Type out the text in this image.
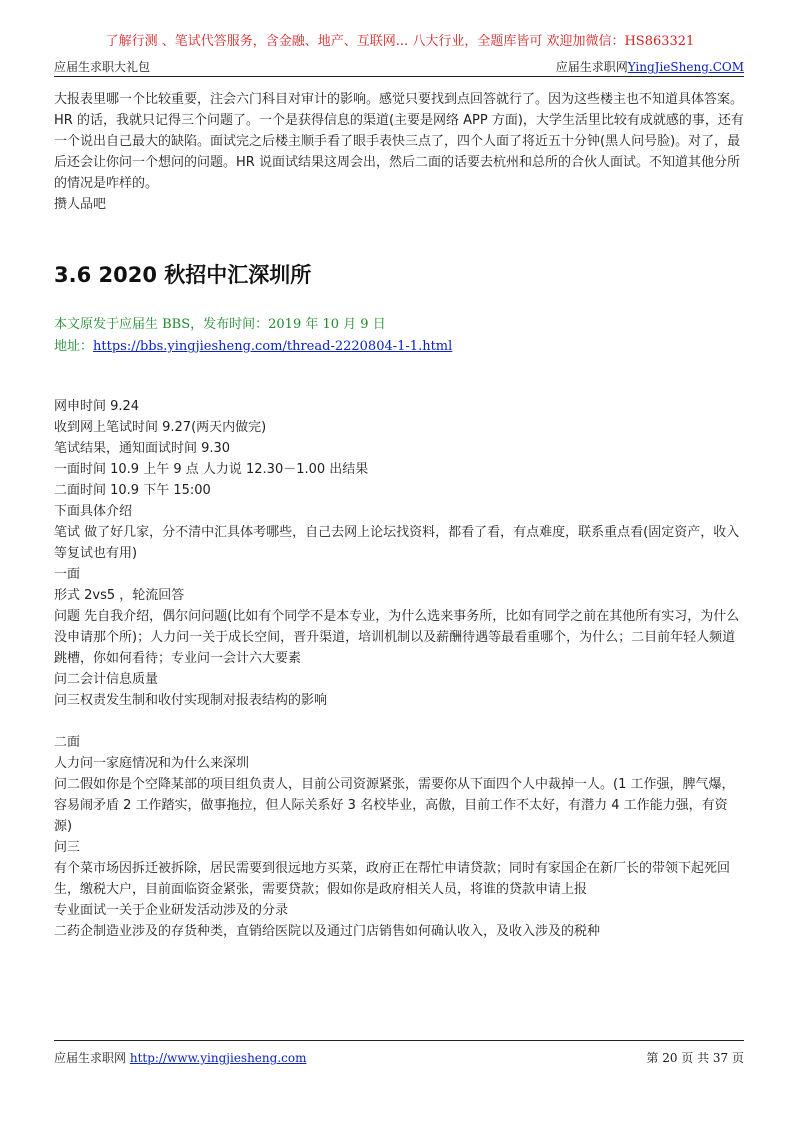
了解行测 、笔试代答服务，含金融、地产、互联网... 八大行业，全题库皆可 欢迎加微信：HS863321
应届生求职大礼包	应届生求职网YingJieSheng.COM

大报表里哪一个比较重要，注会六门科目对审计的影响。感觉只要找到点回答就行了。因为这些楼主也不知道具体答案。HR 的话，我就只记得三个问题了。一个是获得信息的渠道(主要是网络 APP 方面)，大学生活里比较有成就感的事，还有一个说出自己最大的缺陷。面试完之后楼主顺手看了眼手表快三点了，四个人面了将近五十分钟(黑人问号脸)。对了，最后还会让你问一个想问的问题。HR 说面试结果这周会出，然后二面的话要去杭州和总所的合伙人面试。不知道其他分所的情况是咋样的。

攒人品吧

3.6 2020 秋招中汇深圳所

本文原发于应届生 BBS，发布时间：2019 年 10 月 9 日

地址：https://bbs.yingjiesheng.com/thread-2220804-1-1.html

网申时间 9.24

收到网上笔试时间 9.27(两天内做完)

笔试结果，通知面试时间 9.30

一面时间 10.9 上午 9 点 人力说 12.30－1.00 出结果

二面时间 10.9 下午 15:00

下面具体介绍

笔试 做了好几家，分不清中汇具体考哪些，自己去网上论坛找资料，都看了看，有点难度，联系重点看(固定资产，收入等复试也有用)

一面

形式 2vs5 ，轮流回答

问题 先自我介绍，偶尔问问题(比如有个同学不是本专业，为什么选来事务所，比如有同学之前在其他所有实习，为什么没申请那个所)；人力问一关于成长空间，晋升渠道，培训机制以及薪酬待遇等最看重哪个，为什么；二目前年轻人频道跳槽，你如何看待；专业问一会计六大要素

问二会计信息质量

问三权责发生制和收付实现制对报表结构的影响

二面

人力问一家庭情况和为什么来深圳

问二假如你是个空降某部的项目组负责人，目前公司资源紧张，需要你从下面四个人中裁掉一人。(1 工作强，脾气爆，容易闹矛盾 2 工作踏实，做事拖拉，但人际关系好 3 名校毕业，高傲，目前工作不太好，有潜力 4 工作能力强，有资源)

问三

有个菜市场因拆迁被拆除，居民需要到很远地方买菜，政府正在帮忙申请贷款；同时有家国企在新厂长的带领下起死回生，缴税大户，目前面临资金紧张，需要贷款；假如你是政府相关人员，将谁的贷款申请上报

专业面试一关于企业研发活动涉及的分录

二药企制造业涉及的存货种类，直销给医院以及通过门店销售如何确认收入，及收入涉及的税种

应届生求职网 http://www.yingjiesheng.com	第 20 页 共 37 页
